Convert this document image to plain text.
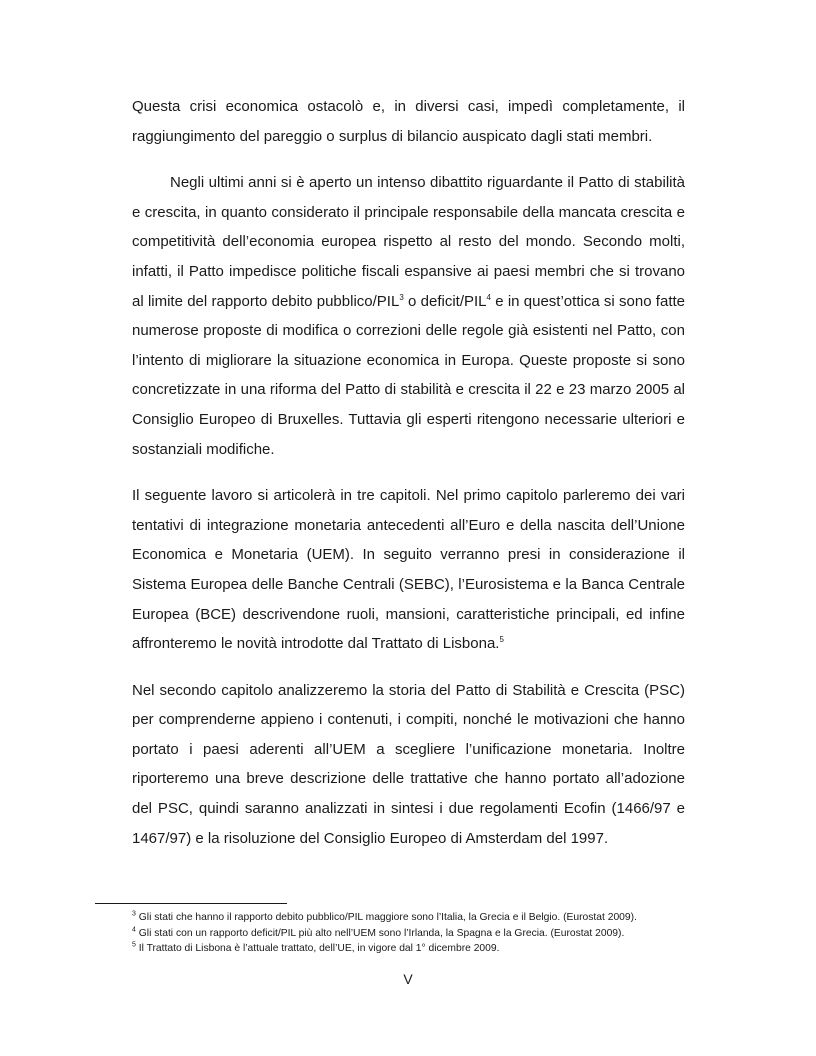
Questa crisi economica ostacolò e, in diversi casi, impedì completamente, il raggiungimento del pareggio o surplus di bilancio auspicato dagli stati membri.

Negli ultimi anni si è aperto un intenso dibattito riguardante il Patto di stabilità e crescita, in quanto considerato il principale responsabile della mancata crescita e competitività dell’economia europea rispetto al resto del mondo. Secondo molti, infatti, il Patto impedisce politiche fiscali espansive ai paesi membri che si trovano al limite del rapporto debito pubblico/PIL$^3$ o deficit/PIL$^4$ e in quest’ottica si sono fatte numerose proposte di modifica o correzioni delle regole già esistenti nel Patto, con l’intento di migliorare la situazione economica in Europa. Queste proposte si sono concretizzate in una riforma del Patto di stabilità e crescita il 22 e 23 marzo 2005 al Consiglio Europeo di Bruxelles. Tuttavia gli esperti ritengono necessarie ulteriori e sostanziali modifiche.

Il seguente lavoro si articolerà in tre capitoli. Nel primo capitolo parleremo dei vari tentativi di integrazione monetaria antecedenti all’Euro e della nascita dell’Unione Economica e Monetaria (UEM). In seguito verranno presi in considerazione il Sistema Europea delle Banche Centrali (SEBC), l’Eurosistema e la Banca Centrale Europea (BCE) descrivendone ruoli, mansioni, caratteristiche principali, ed infine affronteremo le novità introdotte dal Trattato di Lisbona.$^5$

Nel secondo capitolo analizzeremo la storia del Patto di Stabilità e Crescita (PSC) per comprenderne appieno i contenuti, i compiti, nonché le motivazioni che hanno portato i paesi aderenti all’UEM a scegliere l’unificazione monetaria. Inoltre riporteremo una breve descrizione delle trattative che hanno portato all’adozione del PSC, quindi saranno analizzati in sintesi i due regolamenti Ecofin (1466/97 e 1467/97) e la risoluzione del Consiglio Europeo di Amsterdam del 1997.

$^3$ Gli stati che hanno il rapporto debito pubblico/PIL maggiore sono l’Italia, la Grecia e il Belgio. (Eurostat 2009).

$^4$ Gli stati con un rapporto deficit/PIL più alto nell’UEM sono l’Irlanda, la Spagna e la Grecia. (Eurostat 2009).

$^5$ Il Trattato di Lisbona è l’attuale trattato, dell’UE, in vigore dal 1° dicembre 2009.

V
